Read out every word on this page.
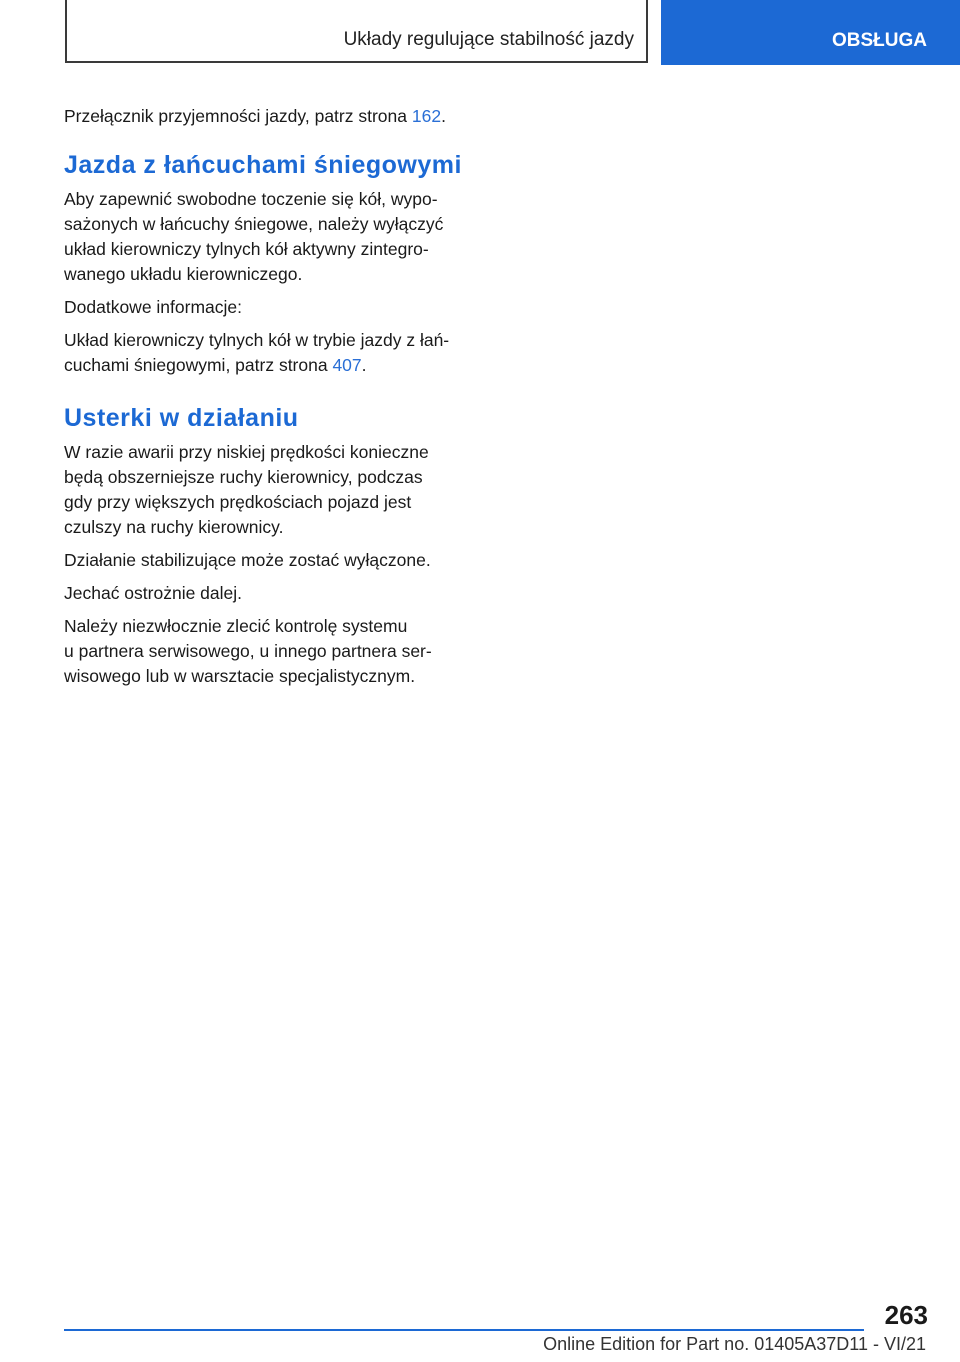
Układy regulujące stabilność jazdy	OBSŁUGA

Przełącznik przyjemności jazdy, patrz strona 162.

Jazda z łańcuchami śniegowymi

Aby zapewnić swobodne toczenie się kół, wypo-
sażonych w łańcuchy śniegowe, należy wyłączyć
układ kierowniczy tylnych kół aktywny zintegro-
wanego układu kierowniczego.

Dodatkowe informacje:

Układ kierowniczy tylnych kół w trybie jazdy z łań-
cuchami śniegowymi, patrz strona 407.

Usterki w działaniu

W razie awarii przy niskiej prędkości konieczne
będą obszerniejsze ruchy kierownicy, podczas
gdy przy większych prędkościach pojazd jest
czulszy na ruchy kierownicy.

Działanie stabilizujące może zostać wyłączone.

Jechać ostrożnie dalej.

Należy niezwłocznie zlecić kontrolę systemu
u partnera serwisowego, u innego partnera ser-
wisowego lub w warsztacie specjalistycznym.

263
Online Edition for Part no. 01405A37D11 - VI/21
